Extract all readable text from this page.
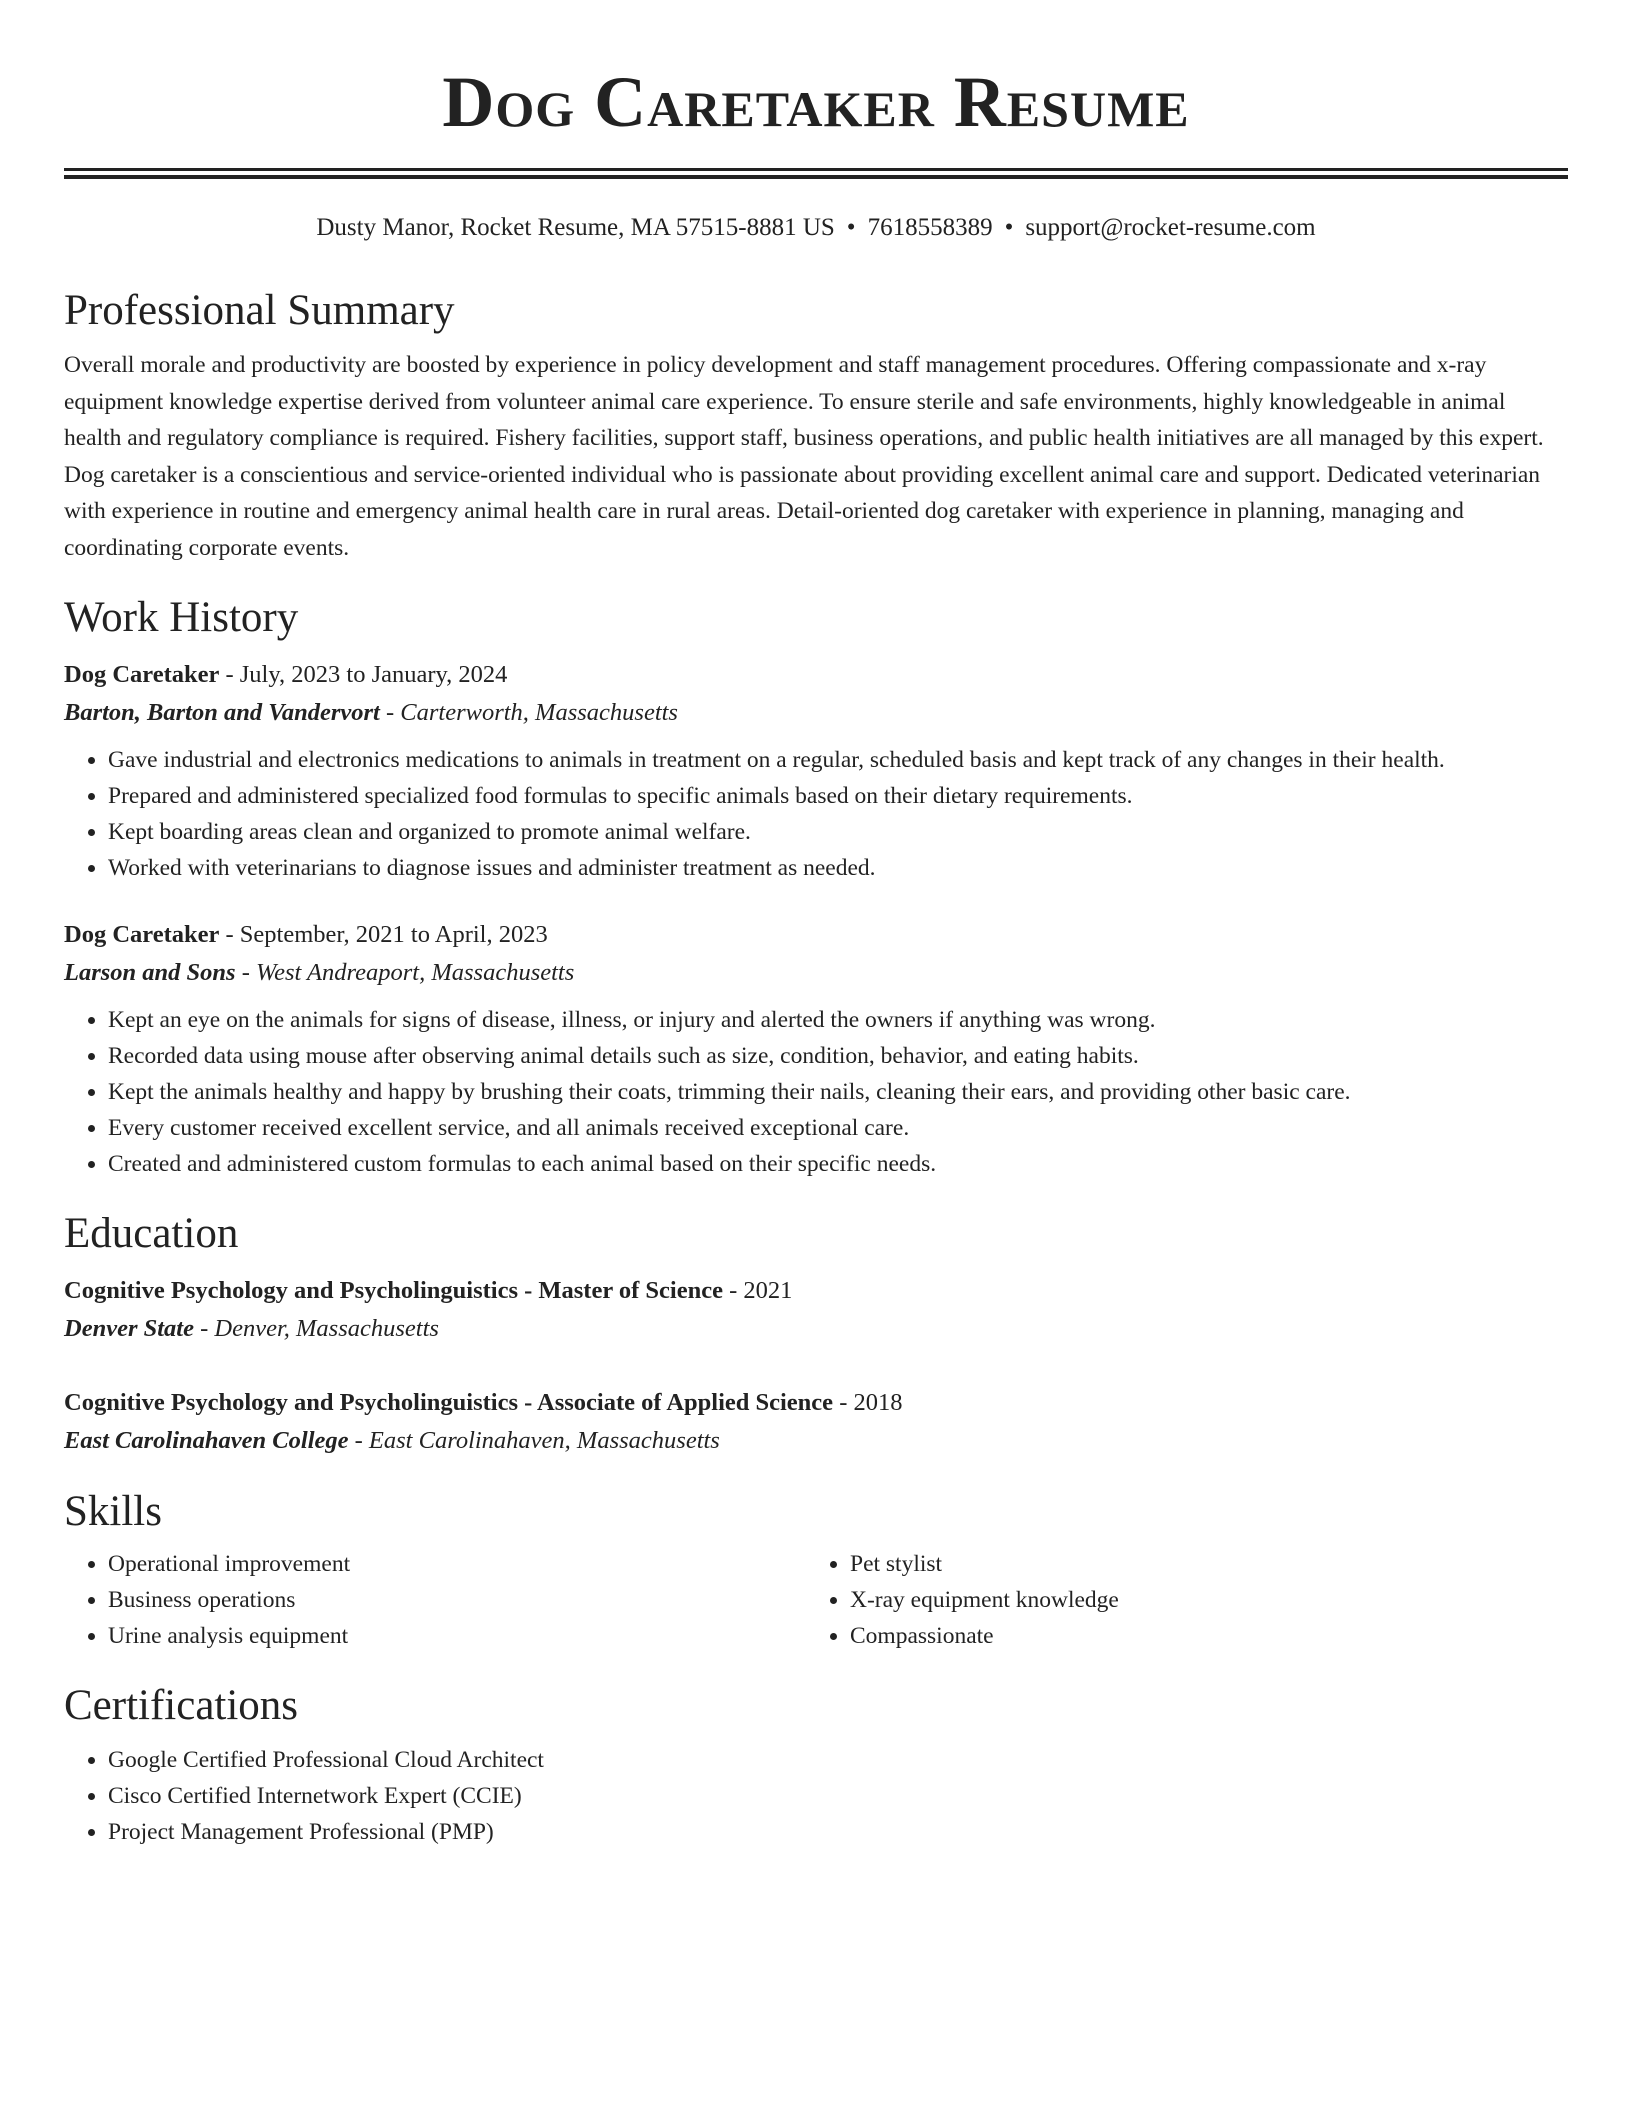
Dog Caretaker Resume
Dusty Manor, Rocket Resume, MA 57515-8881 US • 7618558389 • support@rocket-resume.com
Professional Summary

Overall morale and productivity are boosted by experience in policy development and staff management procedures. Offering compassionate and x-ray equipment knowledge expertise derived from volunteer animal care experience. To ensure sterile and safe environments, highly knowledgeable in animal health and regulatory compliance is required. Fishery facilities, support staff, business operations, and public health initiatives are all managed by this expert. Dog caretaker is a conscientious and service-oriented individual who is passionate about providing excellent animal care and support. Dedicated veterinarian with experience in routine and emergency animal health care in rural areas. Detail-oriented dog caretaker with experience in planning, managing and coordinating corporate events.

Work History
Dog Caretaker - July, 2023 to January, 2024
Barton, Barton and Vandervort - Carterworth, Massachusetts
• Gave industrial and electronics medications to animals in treatment on a regular, scheduled basis and kept track of any changes in their health.
• Prepared and administered specialized food formulas to specific animals based on their dietary requirements.
• Kept boarding areas clean and organized to promote animal welfare.
• Worked with veterinarians to diagnose issues and administer treatment as needed.
Dog Caretaker - September, 2021 to April, 2023
Larson and Sons - West Andreaport, Massachusetts
• Kept an eye on the animals for signs of disease, illness, or injury and alerted the owners if anything was wrong.
• Recorded data using mouse after observing animal details such as size, condition, behavior, and eating habits.
• Kept the animals healthy and happy by brushing their coats, trimming their nails, cleaning their ears, and providing other basic care.
• Every customer received excellent service, and all animals received exceptional care.
• Created and administered custom formulas to each animal based on their specific needs.
Education
Cognitive Psychology and Psycholinguistics - Master of Science - 2021
Denver State - Denver, Massachusetts
Cognitive Psychology and Psycholinguistics - Associate of Applied Science - 2018
East Carolinahaven College - East Carolinahaven, Massachusetts
Skills
• Operational improvement
• Business operations
• Urine analysis equipment
• Pet stylist
• X-ray equipment knowledge
• Compassionate
Certifications
• Google Certified Professional Cloud Architect
• Cisco Certified Internetwork Expert (CCIE)
• Project Management Professional (PMP)
